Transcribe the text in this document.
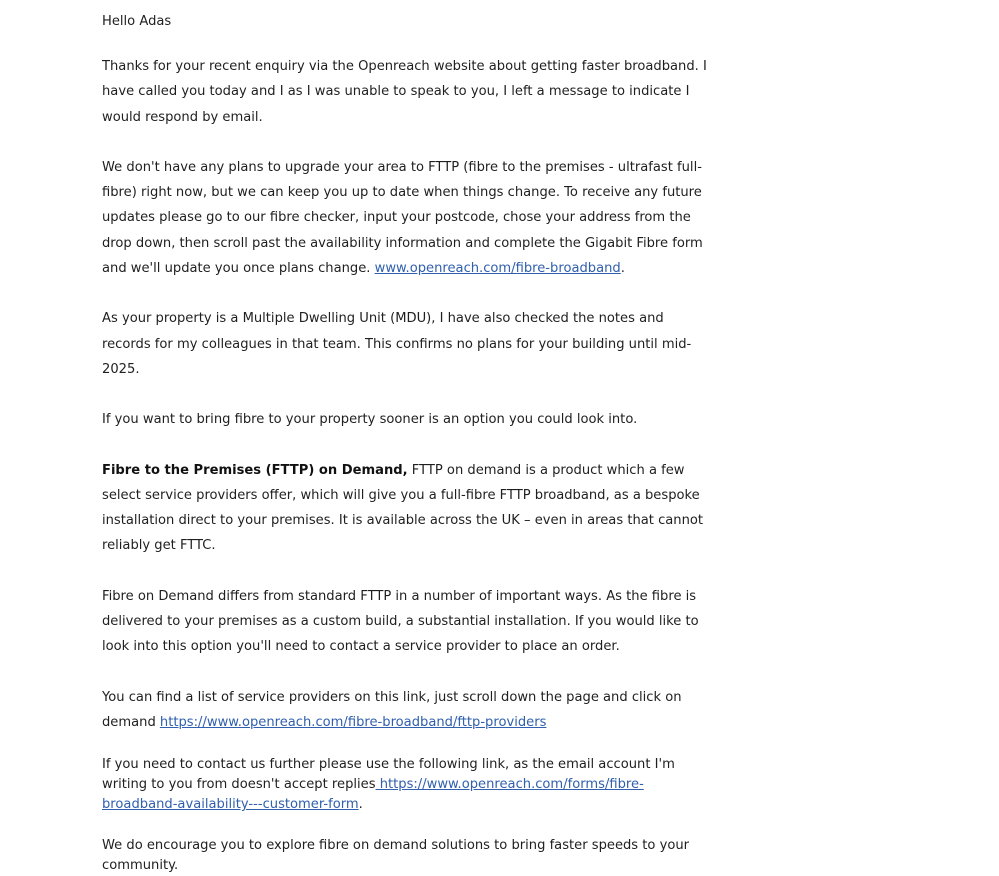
Hello Adas

Thanks for your recent enquiry via the Openreach website about getting faster broadband. I have called you today and I as I was unable to speak to you, I left a message to indicate I would respond by email.

We don't have any plans to upgrade your area to FTTP (fibre to the premises - ultrafast full-fibre) right now, but we can keep you up to date when things change. To receive any future updates please go to our fibre checker, input your postcode, chose your address from the drop down, then scroll past the availability information and complete the Gigabit Fibre form and we'll update you once plans change. www.openreach.com/fibre-broadband.

As your property is a Multiple Dwelling Unit (MDU), I have also checked the notes and records for my colleagues in that team. This confirms no plans for your building until mid-2025.

If you want to bring fibre to your property sooner is an option you could look into.

Fibre to the Premises (FTTP) on Demand, FTTP on demand is a product which a few select service providers offer, which will give you a full-fibre FTTP broadband, as a bespoke installation direct to your premises. It is available across the UK – even in areas that cannot reliably get FTTC.

Fibre on Demand differs from standard FTTP in a number of important ways. As the fibre is delivered to your premises as a custom build, a substantial installation. If you would like to look into this option you'll need to contact a service provider to place an order.

You can find a list of service providers on this link, just scroll down the page and click on demand https://www.openreach.com/fibre-broadband/fttp-providers

If you need to contact us further please use the following link, as the email account I'm writing to you from doesn't accept replies https://www.openreach.com/forms/fibre-broadband-availability---customer-form.

We do encourage you to explore fibre on demand solutions to bring faster speeds to your community.
